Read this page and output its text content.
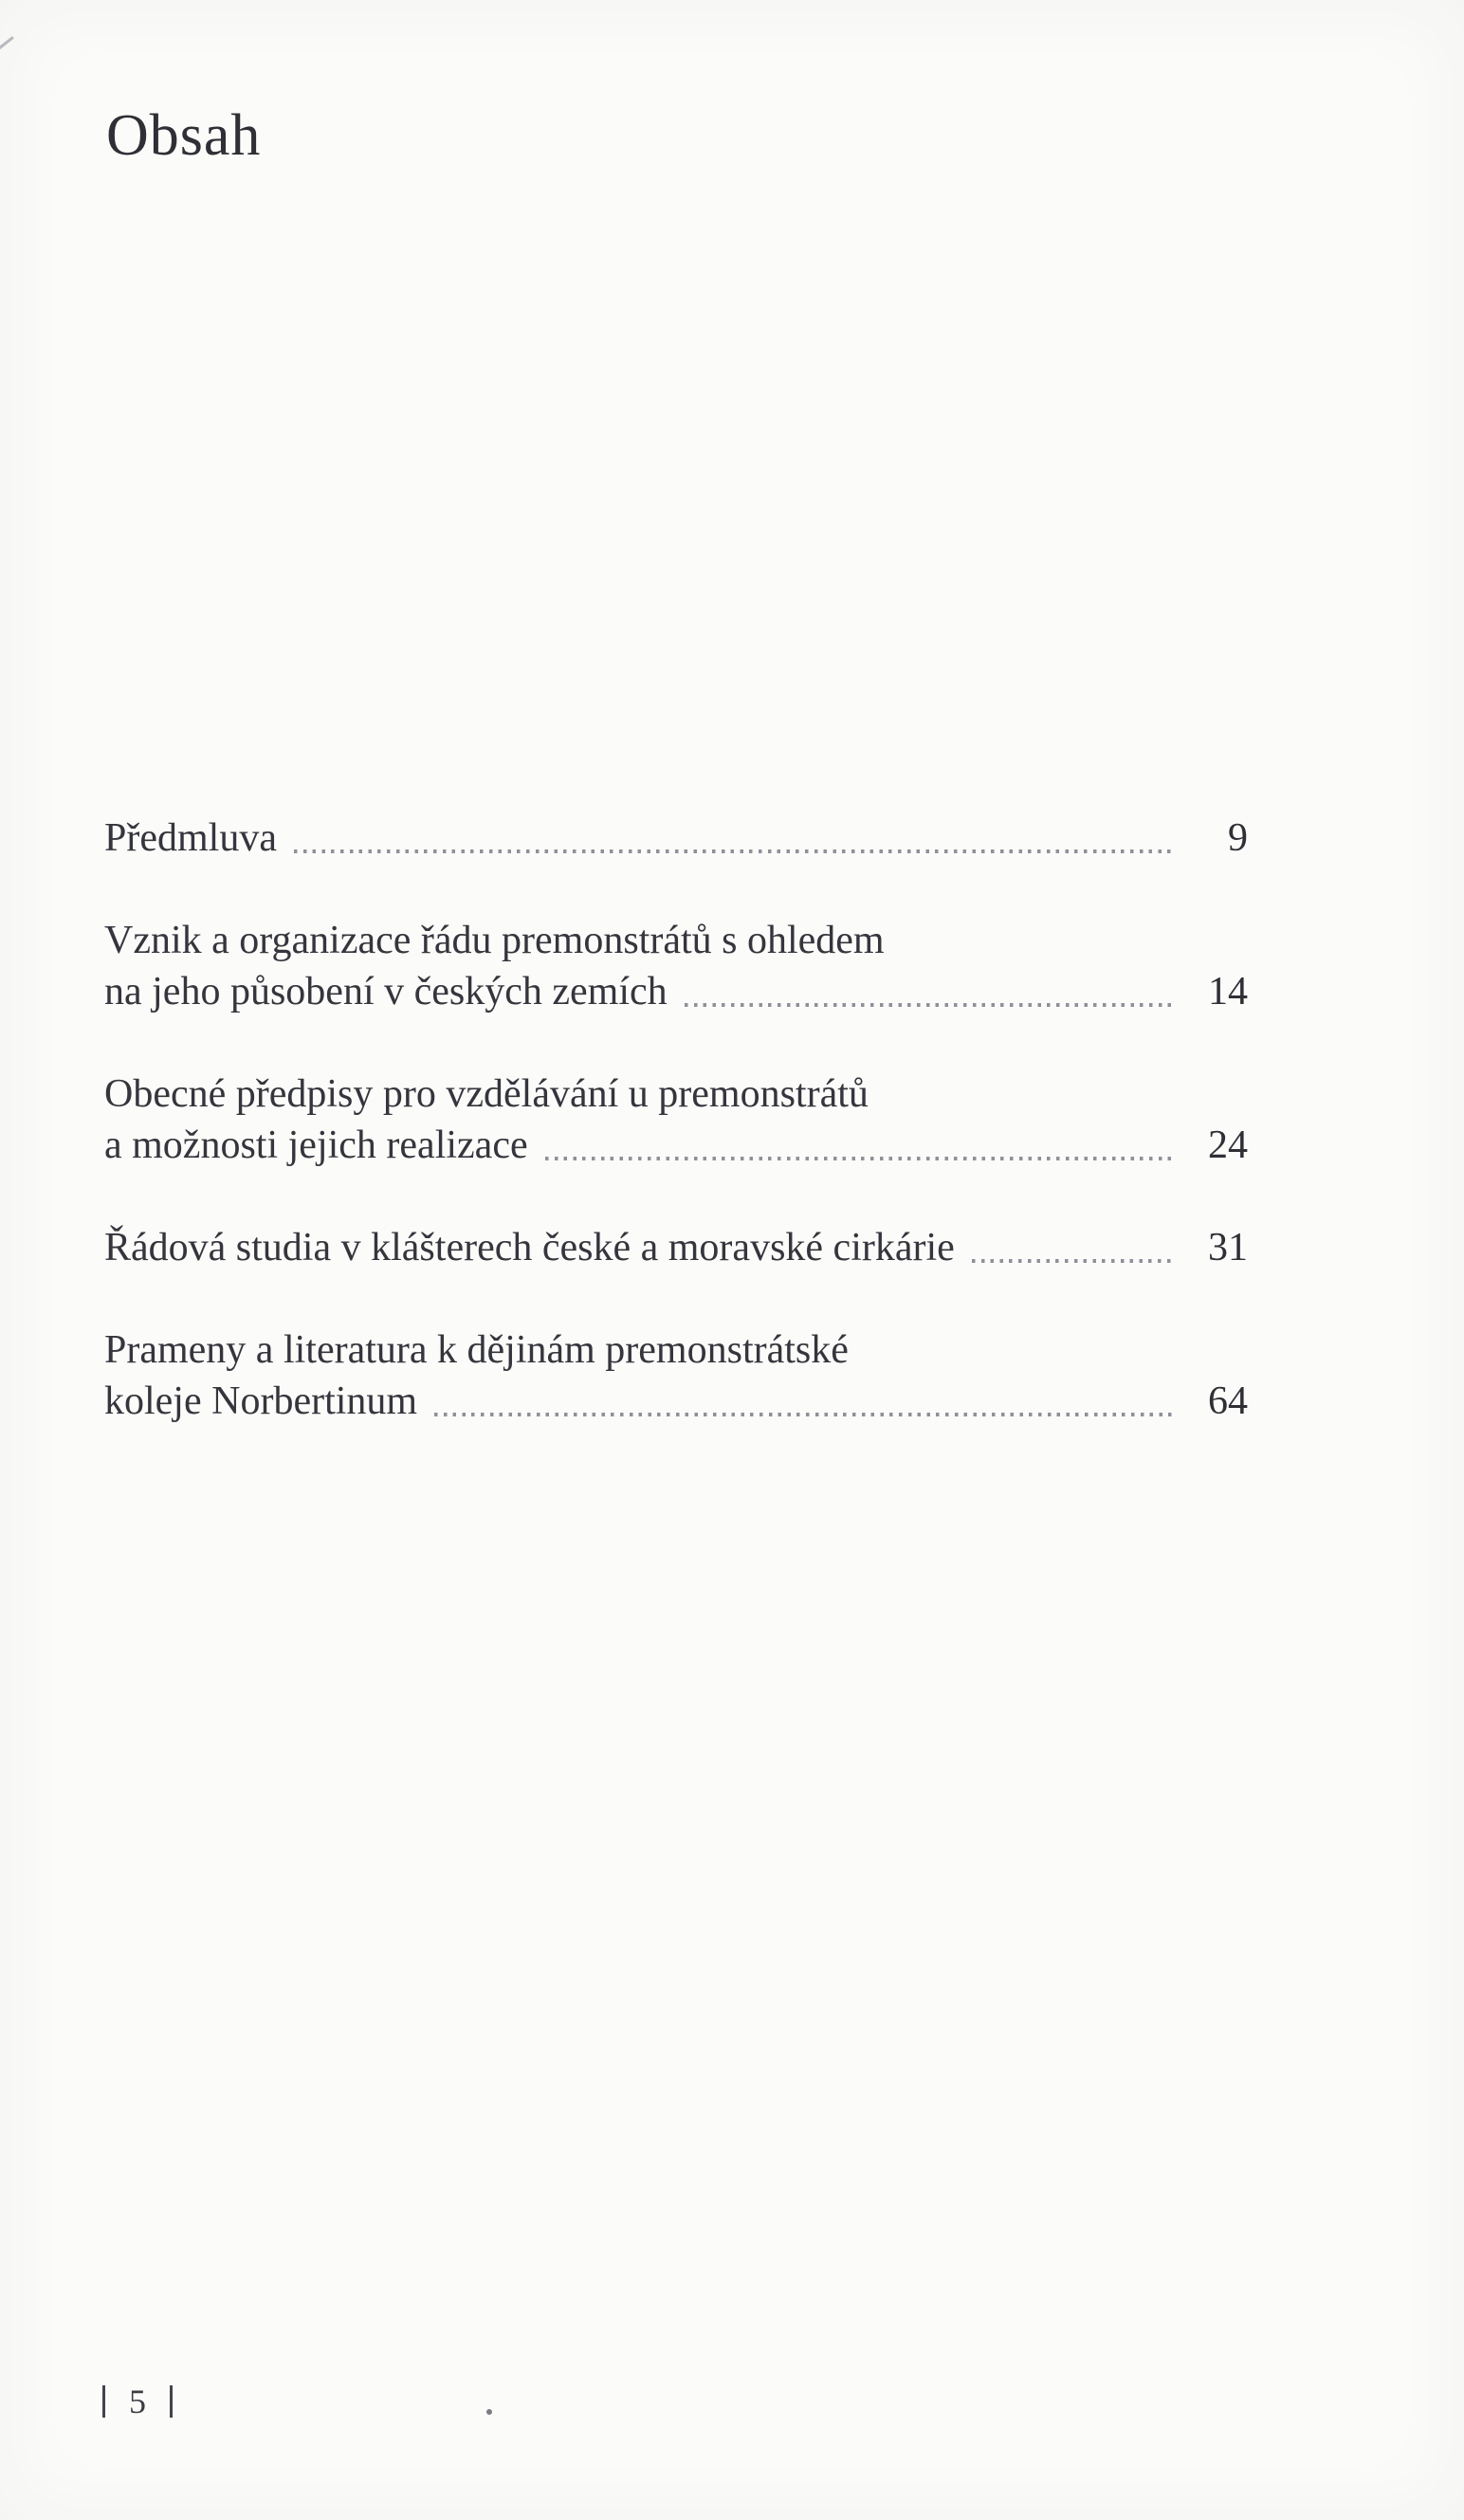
Obsah
Předmluva	9
Vznik a organizace řádu premonstrátů s ohledem
na jeho působení v českých zemích	14
Obecné předpisy pro vzdělávání u premonstrátů
a možnosti jejich realizace	24
Řádová studia v klášterech české a moravské cirkárie	31
Prameny a literatura k dějinám premonstrátské
koleje Norbertinum	64
5
